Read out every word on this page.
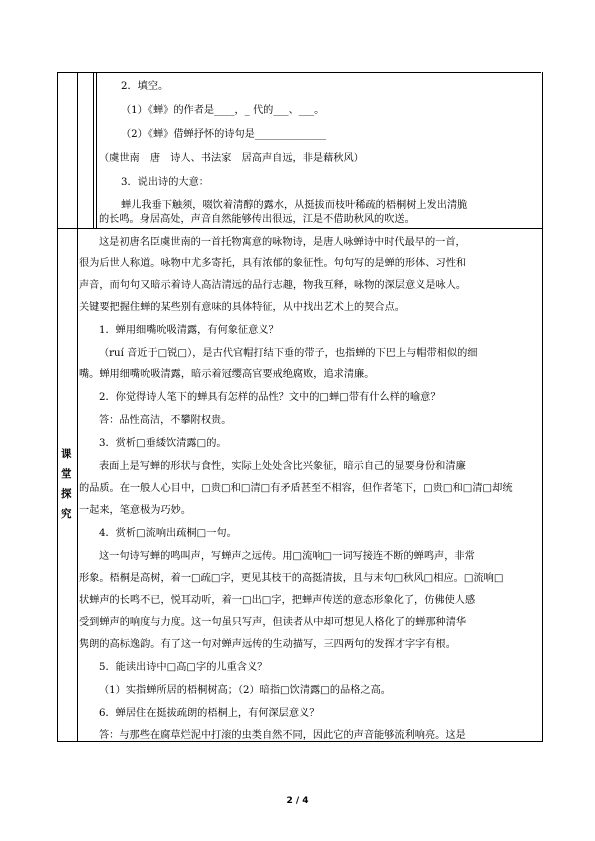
课
堂
探
究
2．填空。
（1）《蝉》的作者是____，_ 代的___、___。
（2）《蝉》借蝉抒怀的诗句是______________
（虞世南　唐　诗人、书法家　居高声自远，非是藉秋风）
3．说出诗的大意：
蝉儿我垂下触须，啜饮着清醇的露水，从挺拔而枝叶稀疏的梧桐树上发出清脆
的长鸣。身居高处，声音自然能够传出很远，江是不借助秋风的吹送。
这是初唐名臣虞世南的一首托物寓意的咏物诗，是唐人咏蝉诗中时代最早的一首，
很为后世人称道。咏物中尤多寄托，具有浓郁的象征性。句句写的是蝉的形体、习性和
声音，而句句又暗示着诗人高洁清远的品行志趣，物我互释，咏物的深层意义是咏人。
关键要把握住蝉的某些别有意味的具体特征，从中找出艺术上的契合点。
1．蝉用细嘴吮吸清露，有何象征意义？
（ruí 音近于□锐□），是古代官帽打结下垂的带子，也指蝉的下巴上与帽带相似的细
嘴。蝉用细嘴吮吸清露，暗示着冠缨高官要戒绝腐败，追求清廉。
2．你觉得诗人笔下的蝉具有怎样的品性？文中的□蝉□带有什么样的喻意？
答：品性高洁，不攀附权贵。
3．赏析□垂緌饮清露□的。
表面上是写蝉的形状与食性，实际上处处含比兴象征，暗示自己的显要身份和清廉
的品质。在一般人心目中，□贵□和□清□有矛盾甚至不相容，但作者笔下，□贵□和□清□却统
一起来，笔意极为巧妙。
4．赏析□流响出疏桐□一句。
这一句诗写蝉的鸣叫声，写蝉声之远传。用□流响□一词写接连不断的蝉鸣声，非常
形象。梧桐是高树，着一□疏□字，更见其枝干的高挺清拔，且与末句□秋风□相应。□流响□
状蝉声的长鸣不已，悦耳动听，着一□出□字，把蝉声传送的意态形象化了，仿佛使人感
受到蝉声的响度与力度。这一句虽只写声，但读者从中却可想见人格化了的蝉那种清华
隽朗的高标逸韵。有了这一句对蝉声远传的生动描写，三四两句的发挥才字字有根。
5．能读出诗中□高□字的儿重含义？
（1）实指蝉所居的梧桐树高；（2）暗指□饮清露□的品格之高。
6．蝉居住在挺拔疏朗的梧桐上，有何深层意义？
答：与那些在腐草烂泥中打滚的虫类自然不同，因此它的声音能够流利响亮。这是
2 / 4
